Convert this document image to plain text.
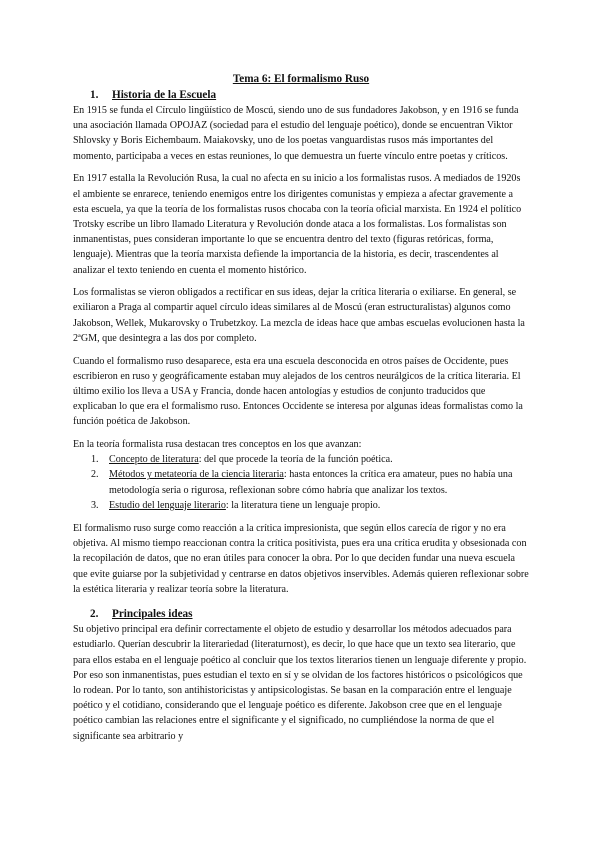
Tema 6: El formalismo Ruso
1.	Historia de la Escuela

En 1915 se funda el Círculo lingüístico de Moscú, siendo uno de sus fundadores Jakobson, y en 1916 se funda una asociación llamada OPOJAZ (sociedad para el estudio del lenguaje poético), donde se encuentran Viktor Shlovsky y Boris Eichembaum. Maiakovsky, uno de los poetas vanguardistas rusos más importantes del momento, participaba a veces en estas reuniones, lo que demuestra un fuerte vínculo entre poetas y críticos.

En 1917 estalla la Revolución Rusa, la cual no afecta en su inicio a los formalistas rusos. A mediados de 1920s el ambiente se enrarece, teniendo enemigos entre los dirigentes comunistas y empieza a afectar gravemente a esta escuela, ya que la teoría de los formalistas rusos chocaba con la teoría oficial marxista. En 1924 el político Trotsky escribe un libro llamado Literatura y Revolución donde ataca a los formalistas. Los formalistas son inmanentistas, pues consideran importante lo que se encuentra dentro del texto (figuras retóricas, forma, lenguaje). Mientras que la teoría marxista defiende la importancia de la historia, es decir, trascendentes al analizar el texto teniendo en cuenta el momento histórico.

Los formalistas se vieron obligados a rectificar en sus ideas, dejar la crítica literaria o exiliarse. En general, se exiliaron a Praga al compartir aquel círculo ideas similares al de Moscú (eran estructuralistas) algunos como Jakobson, Wellek, Mukarovsky o Trubetzkoy. La mezcla de ideas hace que ambas escuelas evolucionen hasta la 2ªGM, que desintegra a las dos por completo.

Cuando el formalismo ruso desaparece, esta era una escuela desconocida en otros países de Occidente, pues escribieron en ruso y geográficamente estaban muy alejados de los centros neurálgicos de la crítica literaria. El último exilio los lleva a USA y Francia, donde hacen antologías y estudios de conjunto traducidos que explicaban lo que era el formalismo ruso. Entonces Occidente se interesa por algunas ideas formalistas como la función poética de Jakobson.

En la teoría formalista rusa destacan tres conceptos en los que avanzan:

1.	Concepto de literatura: del que procede la teoría de la función poética.
2.	Métodos y metateoría de la ciencia literaria: hasta entonces la crítica era amateur, pues no había una metodología seria o rigurosa, reflexionan sobre cómo habría que analizar los textos.
3.	Estudio del lenguaje literario: la literatura tiene un lenguaje propio.

El formalismo ruso surge como reacción a la crítica impresionista, que según ellos carecía de rigor y no era objetiva. Al mismo tiempo reaccionan contra la crítica positivista, pues era una crítica erudita y obsesionada con la recopilación de datos, que no eran útiles para conocer la obra. Por lo que deciden fundar una nueva escuela que evite guiarse por la subjetividad y centrarse en datos objetivos inservibles. Además quieren reflexionar sobre la estética literaria y realizar teoría sobre la literatura.

2.	Principales ideas

Su objetivo principal era definir correctamente el objeto de estudio y desarrollar los métodos adecuados para estudiarlo. Querían descubrir la literariedad (literaturnost), es decir, lo que hace que un texto sea literario, que para ellos estaba en el lenguaje poético al concluir que los textos literarios tienen un lenguaje diferente y propio. Por eso son inmanentistas, pues estudian el texto en sí y se olvidan de los factores históricos o psicológicos que lo rodean. Por lo tanto, son antihistoricistas y antipsicologistas. Se basan en la comparación entre el lenguaje poético y el cotidiano, considerando que el lenguaje poético es diferente. Jakobson cree que en el lenguaje poético cambian las relaciones entre el significante y el significado, no cumpliéndose la norma de que el significante sea arbitrario y
